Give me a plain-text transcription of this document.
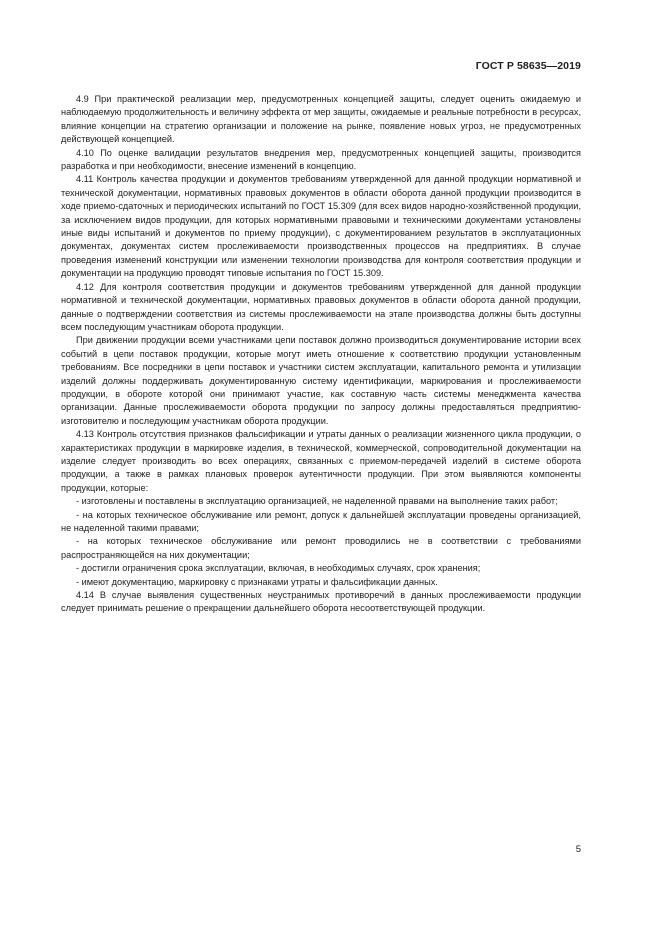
ГОСТ Р 58635—2019

4.9 При практической реализации мер, предусмотренных концепцией защиты, следует оценить ожидаемую и наблюдаемую продолжительность и величину эффекта от мер защиты, ожидаемые и реальные потребности в ресурсах, влияние концепции на стратегию организации и положение на рынке, появление новых угроз, не предусмотренных действующей концепцией.

4.10 По оценке валидации результатов внедрения мер, предусмотренных концепцией защиты, производится разработка и при необходимости, внесение изменений в концепцию.

4.11 Контроль качества продукции и документов требованиям утвержденной для данной продукции нормативной и технической документации, нормативных правовых документов в области оборота данной продукции производится в ходе приемо-сдаточных и периодических испытаний по ГОСТ 15.309 (для всех видов народно-хозяйственной продукции, за исключением видов продукции, для которых нормативными правовыми и техническими документами установлены иные виды испытаний и документов по приему продукции), с документированием результатов в эксплуатационных документах, документах систем прослеживаемости производственных процессов на предприятиях. В случае проведения изменений конструкции или изменении технологии производства для контроля соответствия продукции и документации на продукцию проводят типовые испытания по ГОСТ 15.309.

4.12 Для контроля соответствия продукции и документов требованиям утвержденной для данной продукции нормативной и технической документации, нормативных правовых документов в области оборота данной продукции, данные о подтверждении соответствия из системы прослеживаемости на этапе производства должны быть доступны всем последующим участникам оборота продукции.

При движении продукции всеми участниками цепи поставок должно производиться документирование истории всех событий в цепи поставок продукции, которые могут иметь отношение к соответствию продукции установленным требованиям. Все посредники в цепи поставок и участники систем эксплуатации, капитального ремонта и утилизации изделий должны поддерживать документированную систему идентификации, маркирования и прослеживаемости продукции, в обороте которой они принимают участие, как составную часть системы менеджмента качества организации. Данные прослеживаемости оборота продукции по запросу должны предоставляться предприятию-изготовителю и последующим участникам оборота продукции.

4.13 Контроль отсутствия признаков фальсификации и утраты данных о реализации жизненного цикла продукции, о характеристиках продукции в маркировке изделия, в технической, коммерческой, сопроводительной документации на изделие следует производить во всех операциях, связанных с приемом-передачей изделий в системе оборота продукции, а также в рамках плановых проверок аутентичности продукции. При этом выявляются компоненты продукции, которые:

- изготовлены и поставлены в эксплуатацию организацией, не наделенной правами на выполнение таких работ;

- на которых техническое обслуживание или ремонт, допуск к дальнейшей эксплуатации проведены организацией, не наделенной такими правами;

- на которых техническое обслуживание или ремонт проводились не в соответствии с требованиями распространяющейся на них документации;

- достигли ограничения срока эксплуатации, включая, в необходимых случаях, срок хранения;

- имеют документацию, маркировку с признаками утраты и фальсификации данных.

4.14 В случае выявления существенных неустранимых противоречий в данных прослеживаемости продукции следует принимать решение о прекращении дальнейшего оборота несоответствующей продукции.

5
